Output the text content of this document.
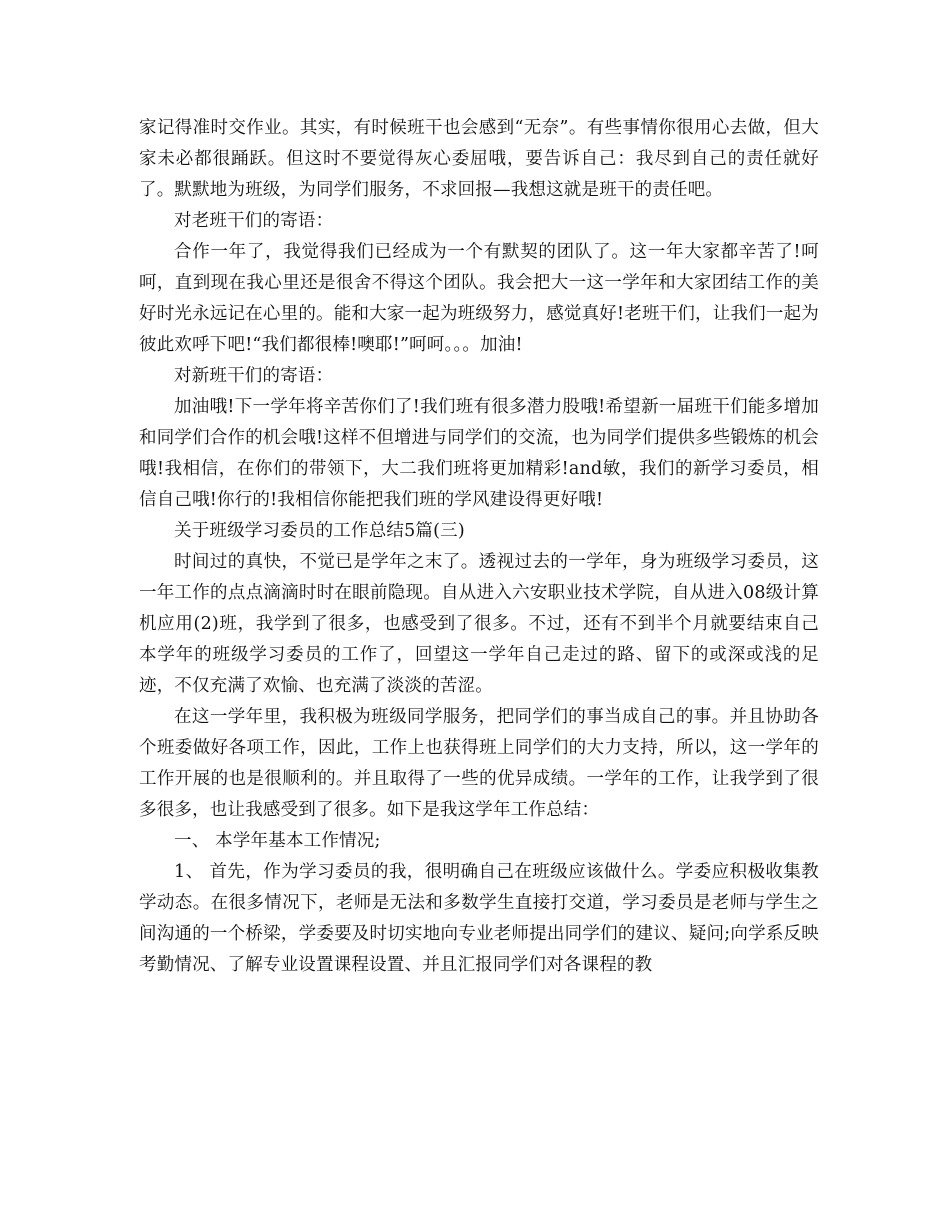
家记得准时交作业。其实，有时候班干也会感到“无奈”。有些事情你很用心去做，但大家未必都很踊跃。但这时不要觉得灰心委屈哦，要告诉自己：我尽到自己的责任就好了。默默地为班级，为同学们服务，不求回报—我想这就是班干的责任吧。

对老班干们的寄语：

合作一年了，我觉得我们已经成为一个有默契的团队了。这一年大家都辛苦了!呵呵，直到现在我心里还是很舍不得这个团队。我会把大一这一学年和大家团结工作的美好时光永远记在心里的。能和大家一起为班级努力，感觉真好!老班干们，让我们一起为彼此欢呼下吧!“我们都很棒!噢耶!”呵呵。。。加油!

对新班干们的寄语：

加油哦!下一学年将辛苦你们了!我们班有很多潜力股哦!希望新一届班干们能多增加和同学们合作的机会哦!这样不但增进与同学们的交流，也为同学们提供多些锻炼的机会哦!我相信，在你们的带领下，大二我们班将更加精彩!and敏，我们的新学习委员，相信自己哦!你行的!我相信你能把我们班的学风建设得更好哦!

关于班级学习委员的工作总结5篇(三)

时间过的真快，不觉已是学年之末了。透视过去的一学年，身为班级学习委员，这一年工作的点点滴滴时时在眼前隐现。自从进入六安职业技术学院，自从进入08级计算机应用(2)班，我学到了很多，也感受到了很多。不过，还有不到半个月就要结束自己本学年的班级学习委员的工作了，回望这一学年自己走过的路、留下的或深或浅的足迹，不仅充满了欢愉、也充满了淡淡的苦涩。

在这一学年里，我积极为班级同学服务，把同学们的事当成自己的事。并且协助各个班委做好各项工作，因此，工作上也获得班上同学们的大力支持，所以，这一学年的工作开展的也是很顺利的。并且取得了一些的优异成绩。一学年的工作，让我学到了很多很多，也让我感受到了很多。如下是我这学年工作总结：

一、 本学年基本工作情况;

1、 首先，作为学习委员的我，很明确自己在班级应该做什么。学委应积极收集教学动态。在很多情况下，老师是无法和多数学生直接打交道，学习委员是老师与学生之间沟通的一个桥梁，学委要及时切实地向专业老师提出同学们的建议、疑问;向学系反映考勤情况、了解专业设置课程设置、并且汇报同学们对各课程的教
